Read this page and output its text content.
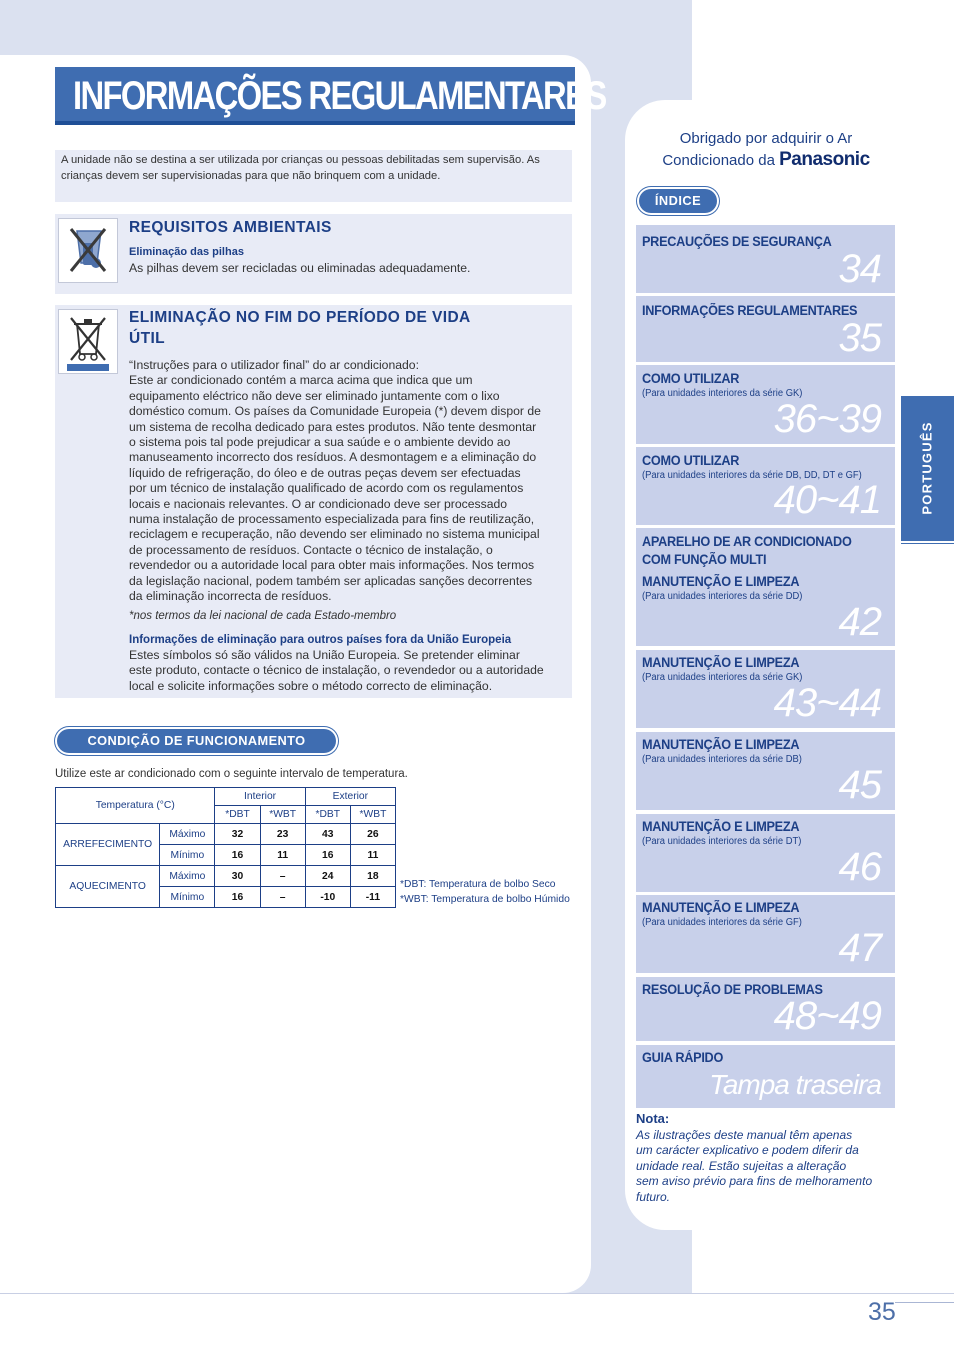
INFORMAÇÕES REGULAMENTARES
A unidade não se destina a ser utilizada por crianças ou pessoas debilitadas sem supervisão. As crianças devem ser supervisionadas para que não brinquem com a unidade.
REQUISITOS AMBIENTAIS
Eliminação das pilhas
As pilhas devem ser recicladas ou eliminadas adequadamente.
ELIMINAÇÃO NO FIM DO PERÍODO DE VIDA
ÚTIL
“Instruções para o utilizador final” do ar condicionado:
Este ar condicionado contém a marca acima que indica que um
equipamento eléctrico não deve ser eliminado juntamente com o lixo
doméstico comum. Os países da Comunidade Europeia (*) devem dispor de
um sistema de recolha dedicado para estes produtos. Não tente desmontar
o sistema pois tal pode prejudicar a sua saúde e o ambiente devido ao
manuseamento incorrecto dos resíduos. A desmontagem e a eliminação do
líquido de refrigeração, do óleo e de outras peças devem ser efectuadas
por um técnico de instalação qualificado de acordo com os regulamentos
locais e nacionais relevantes. O ar condicionado deve ser processado
numa instalação de processamento especializada para fins de reutilização,
reciclagem e recuperação, não devendo ser eliminado no sistema municipal
de processamento de resíduos. Contacte o técnico de instalação, o
revendedor ou a autoridade local para obter mais informações. Nos termos
da legislação nacional, podem também ser aplicadas sanções decorrentes
da eliminação incorrecta de resíduos.
*nos termos da lei nacional de cada Estado-membro
Informações de eliminação para outros países fora da União Europeia
Estes símbolos só são válidos na União Europeia. Se pretender eliminar
este produto, contacte o técnico de instalação, o revendedor ou a autoridade
local e solicite informações sobre o método correcto de eliminação.
CONDIÇÃO DE FUNCIONAMENTO
Utilize este ar condicionado com o seguinte intervalo de temperatura.
Temperatura (°C)		Interior		Exterior	
		*DBT	*WBT	*DBT	*WBT
ARREFECIMENTO	Máximo	32	23	43	26
	Mínimo	16	11	16	11
AQUECIMENTO	Máximo	30	–	24	18
	Mínimo	16	–	-10	-11
*DBT: Temperatura de bolbo Seco
*WBT: Temperatura de bolbo Húmido
Obrigado por adquirir o Ar
Condicionado da Panasonic
ÍNDICE
PRECAUÇÕES DE SEGURANÇA
34
INFORMAÇÕES REGULAMENTARES
35
COMO UTILIZAR
(Para unidades interiores da série GK)
36~39
COMO UTILIZAR
(Para unidades interiores da série DB, DD, DT e GF)
40~41
APARELHO DE AR CONDICIONADO
COM FUNÇÃO MULTI
MANUTENÇÃO E LIMPEZA
(Para unidades interiores da série DD)
42
MANUTENÇÃO E LIMPEZA
(Para unidades interiores da série GK)
43~44
MANUTENÇÃO E LIMPEZA
(Para unidades interiores da série DB)
45
MANUTENÇÃO E LIMPEZA
(Para unidades interiores da série DT)
46
MANUTENÇÃO E LIMPEZA
(Para unidades interiores da série GF)
47
RESOLUÇÃO DE PROBLEMAS
48~49
GUIA RÁPIDO
Tampa traseira
Nota:
As ilustrações deste manual têm apenas
um carácter explicativo e podem diferir da
unidade real. Estão sujeitas a alteração
sem aviso prévio para fins de melhoramento
futuro.
PORTUGUÊS
35
